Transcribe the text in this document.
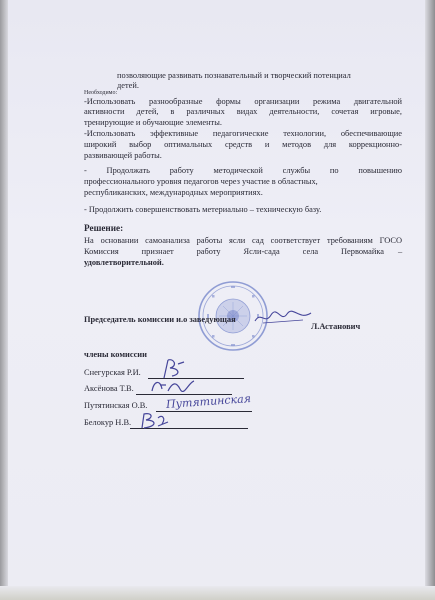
позволяющие развивать познавательный и творческий потенциал
детей.
Необходимо:
-Использовать разнообразные формы организации режима двигательной
активности детей, в различных видах деятельности, сочетая игровые,
тренирующие и обучающие элементы.
-Использовать эффективные педагогические технологии, обеспечивающие
широкий выбор оптимальных средств и методов для коррекционно-
развивающей работы.
- Продолжать работу методической службы по повышению
профессионального уровня педагогов через участие в областных,
республиканских, международных мероприятиях.
- Продолжить совершенствовать метериально – техническую базу.
Решение:
На основании самоанализа работы ясли сад соответствует требованиям ГОСО
Комиссия признает работу Ясли-сада села Первомайка –
удовлетворительной.
Председатель комиссии и.о заведующая
Л.Астанович
члены комиссии
Снегурская Р.И.
Аксёнова Т.В.
Путятинская О.В. Путятинская
Белокур Н.В.
